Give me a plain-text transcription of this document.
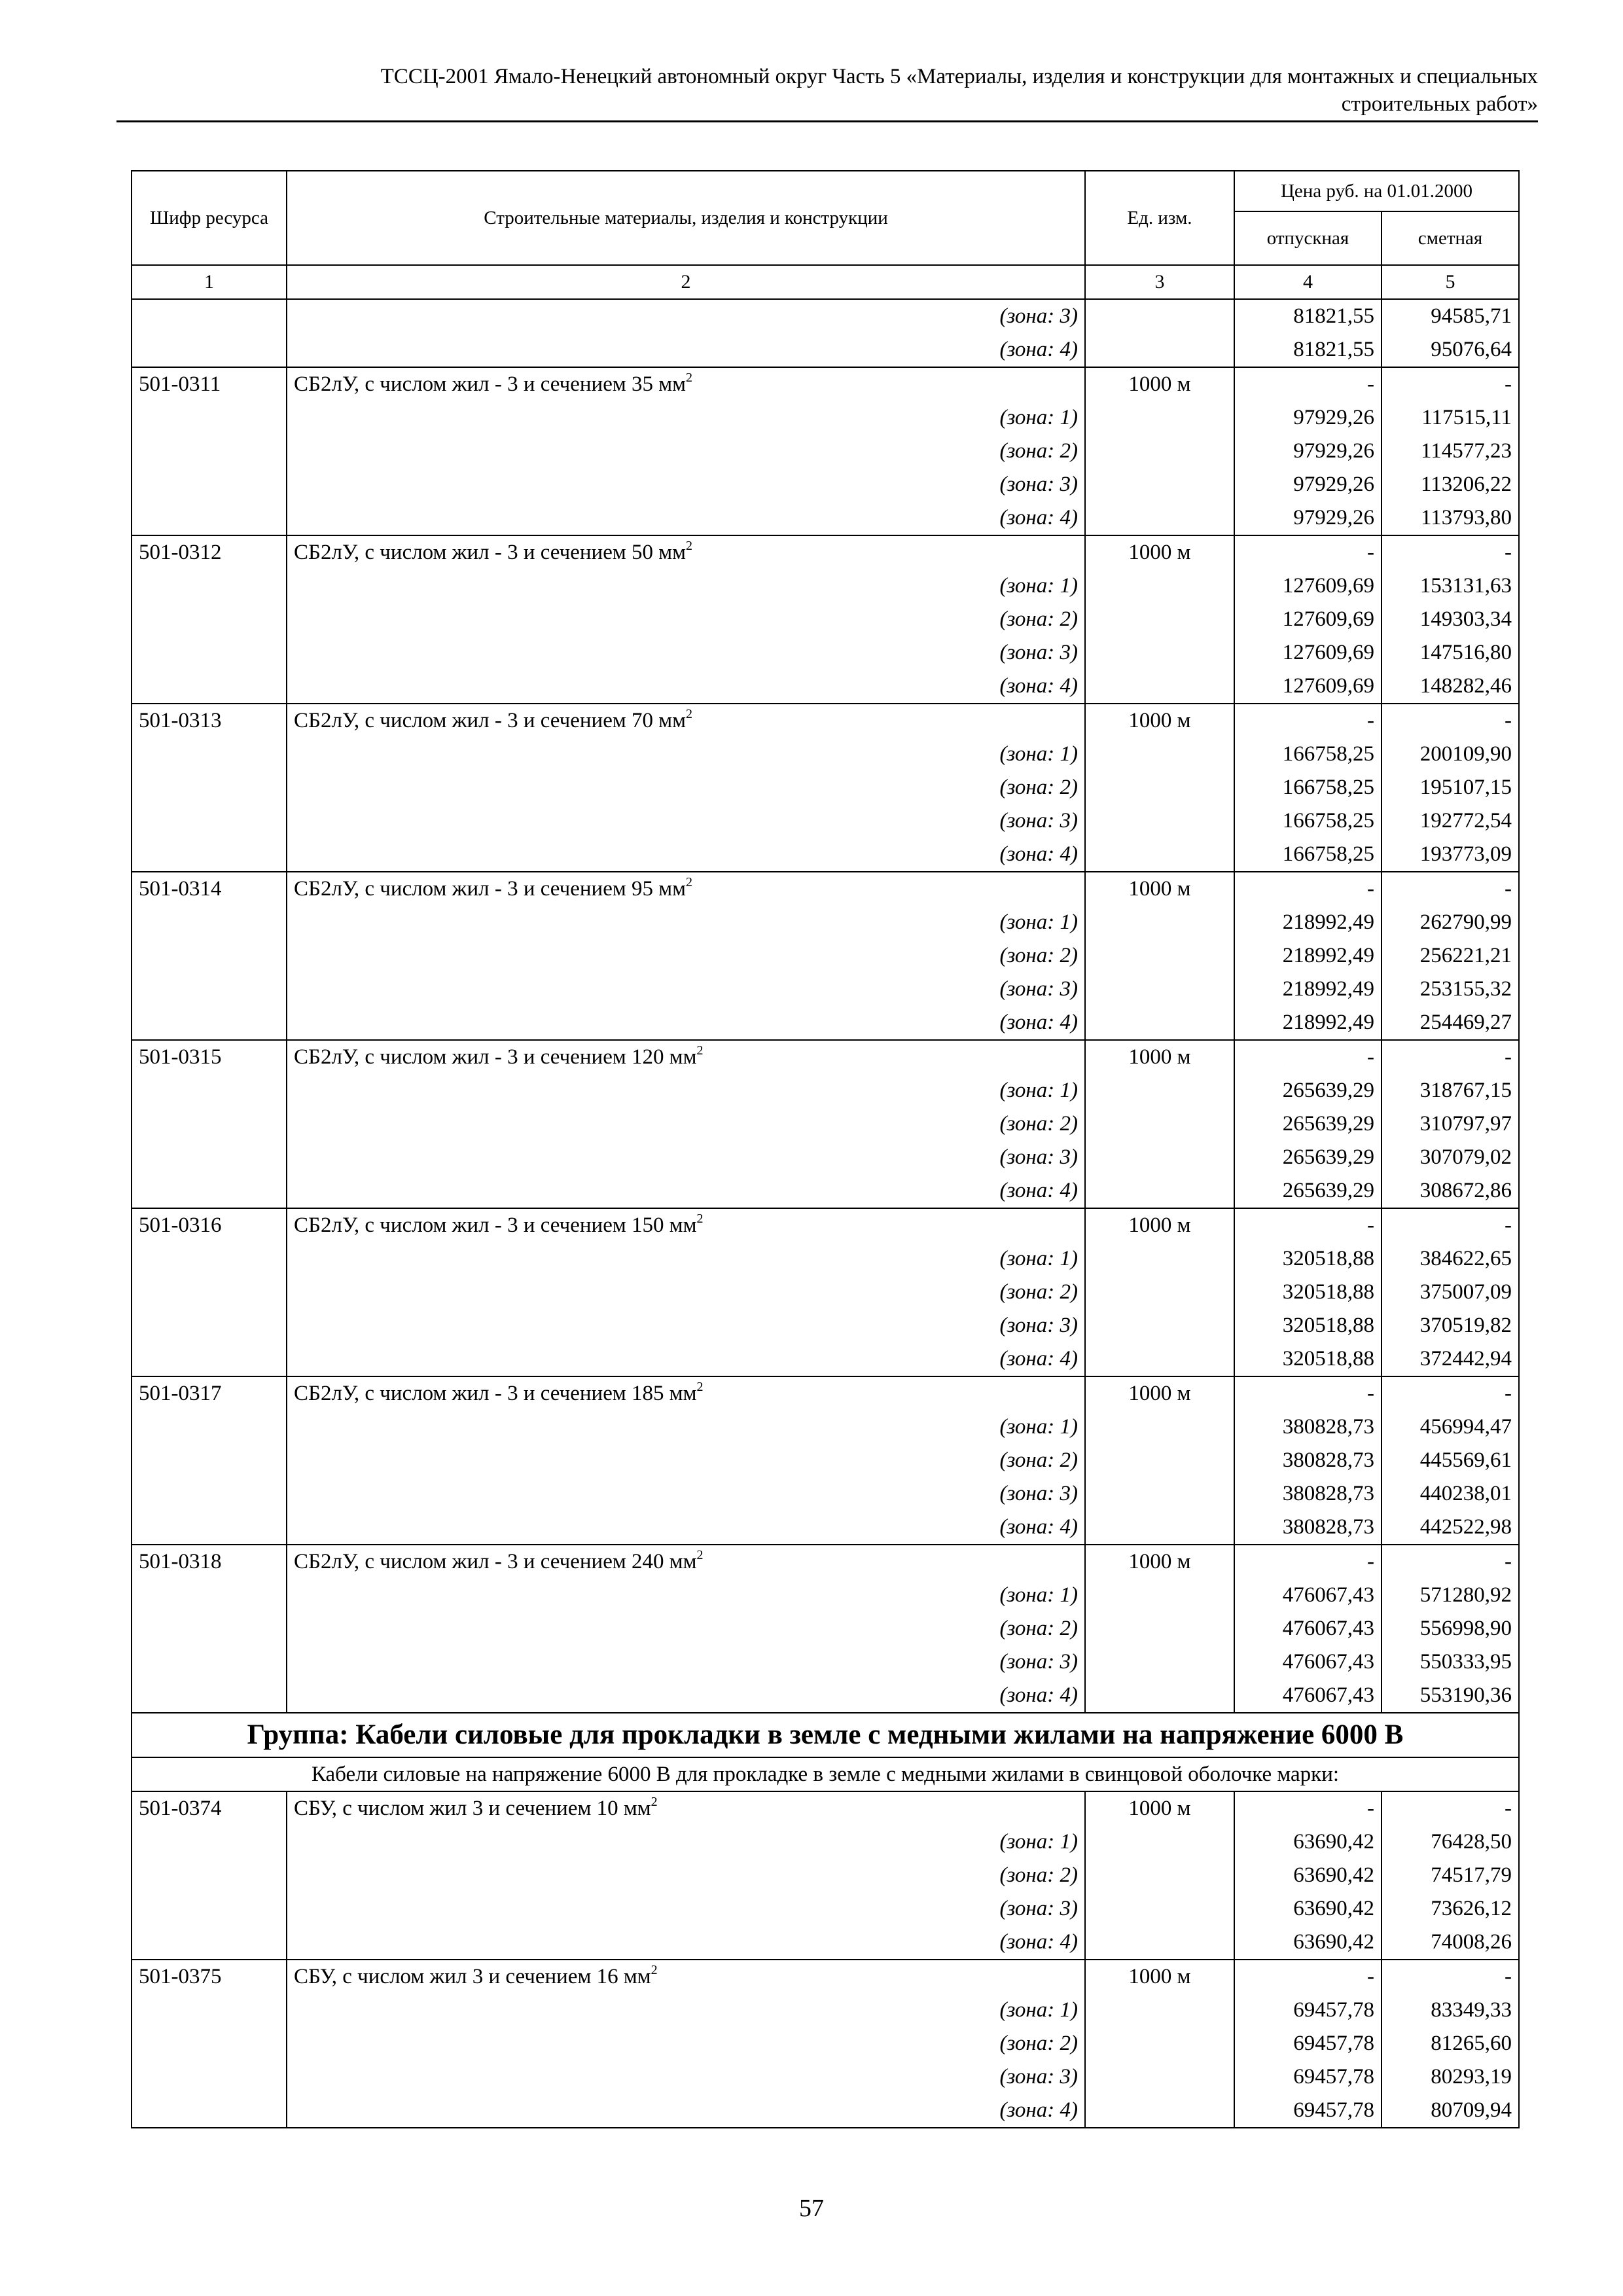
ТССЦ-2001 Ямало-Ненецкий автономный округ Часть 5 «Материалы, изделия и конструкции для монтажных и специальных
строительных работ»
Шифр ресурса	Строительные материалы, изделия и конструкции	Ед. изм.	Цена руб. на 01.01.2000	
			отпускная	сметная
1	2	3	4	5
	(зона: 3)		81821,55	94585,71
	(зона: 4)		81821,55	95076,64
501-0311	СБ2лУ, с числом жил - 3 и сечением 35 $мм^2$	1000 м	-	-
	(зона: 1)		97929,26	117515,11
	(зона: 2)		97929,26	114577,23
	(зона: 3)		97929,26	113206,22
	(зона: 4)		97929,26	113793,80
501-0312	СБ2лУ, с числом жил - 3 и сечением 50 $мм^2$	1000 м	-	-
	(зона: 1)		127609,69	153131,63
	(зона: 2)		127609,69	149303,34
	(зона: 3)		127609,69	147516,80
	(зона: 4)		127609,69	148282,46
501-0313	СБ2лУ, с числом жил - 3 и сечением 70 $мм^2$	1000 м	-	-
	(зона: 1)		166758,25	200109,90
	(зона: 2)		166758,25	195107,15
	(зона: 3)		166758,25	192772,54
	(зона: 4)		166758,25	193773,09
501-0314	СБ2лУ, с числом жил - 3 и сечением 95 $мм^2$	1000 м	-	-
	(зона: 1)		218992,49	262790,99
	(зона: 2)		218992,49	256221,21
	(зона: 3)		218992,49	253155,32
	(зона: 4)		218992,49	254469,27
501-0315	СБ2лУ, с числом жил - 3 и сечением 120 $мм^2$	1000 м	-	-
	(зона: 1)		265639,29	318767,15
	(зона: 2)		265639,29	310797,97
	(зона: 3)		265639,29	307079,02
	(зона: 4)		265639,29	308672,86
501-0316	СБ2лУ, с числом жил - 3 и сечением 150 $мм^2$	1000 м	-	-
	(зона: 1)		320518,88	384622,65
	(зона: 2)		320518,88	375007,09
	(зона: 3)		320518,88	370519,82
	(зона: 4)		320518,88	372442,94
501-0317	СБ2лУ, с числом жил - 3 и сечением 185 $мм^2$	1000 м	-	-
	(зона: 1)		380828,73	456994,47
	(зона: 2)		380828,73	445569,61
	(зона: 3)		380828,73	440238,01
	(зона: 4)		380828,73	442522,98
501-0318	СБ2лУ, с числом жил - 3 и сечением 240 $мм^2$	1000 м	-	-
	(зона: 1)		476067,43	571280,92
	(зона: 2)		476067,43	556998,90
	(зона: 3)		476067,43	550333,95
	(зона: 4)		476067,43	553190,36
Группа: Кабели силовые для прокладки в земле с медными жилами на напряжение 6000 В				
Кабели силовые на напряжение 6000 В для прокладке в земле с медными жилами в свинцовой оболочке марки:				
501-0374	СБУ, с числом жил 3 и сечением 10 $мм^2$	1000 м	-	-
	(зона: 1)		63690,42	76428,50
	(зона: 2)		63690,42	74517,79
	(зона: 3)		63690,42	73626,12
	(зона: 4)		63690,42	74008,26
501-0375	СБУ, с числом жил 3 и сечением 16 $мм^2$	1000 м	-	-
	(зона: 1)		69457,78	83349,33
	(зона: 2)		69457,78	81265,60
	(зона: 3)		69457,78	80293,19
	(зона: 4)		69457,78	80709,94
57
